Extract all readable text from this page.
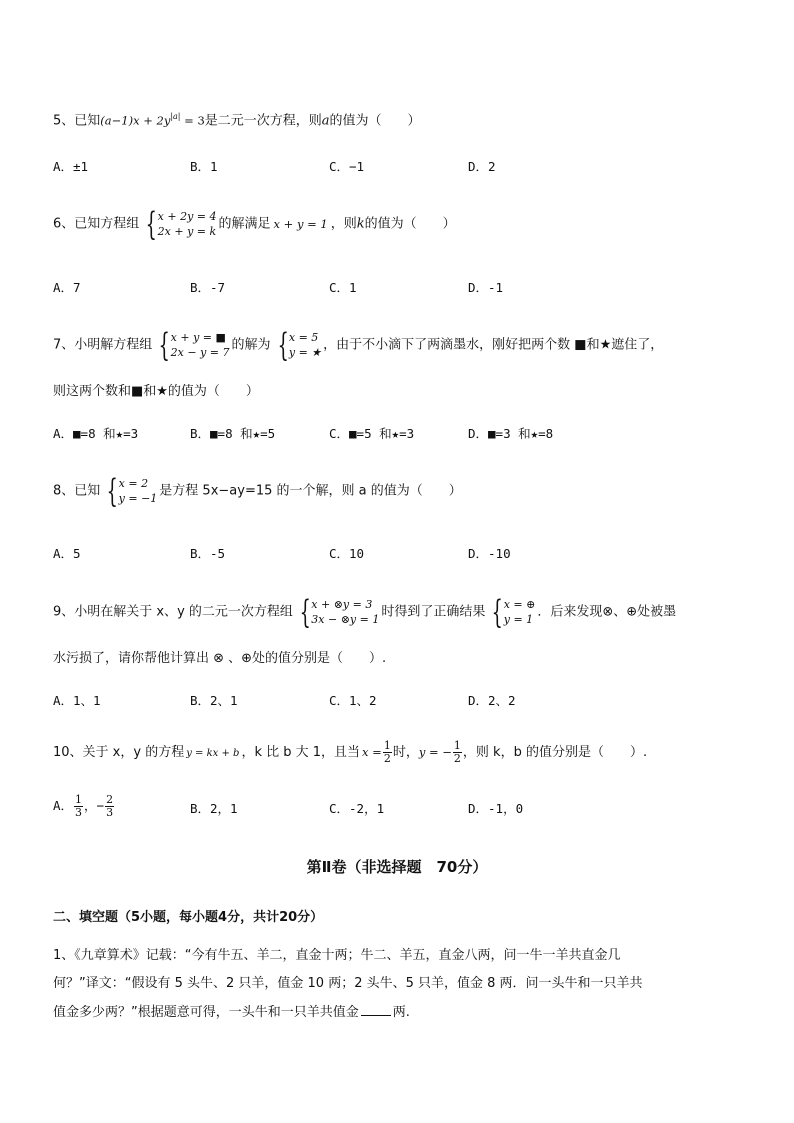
5、已知$(a-1)x + 2y^{|a|} = 3$是二元一次方程，则a的值为（　　）
A．±1	B．1	C．−1	D．2
6、已知方程组 { x + 2y = 4
2x + y = k 的解满足 x + y = 1 ，则k的值为（　　）
A．7	B．-7	C．1	D．-1
7、小明解方程组 { x + y = ■
2x − y = 7 的解为 { x = 5
y = ★ ，由于不小滴下了两滴墨水，刚好把两个数 ■和★遮住了，
则这两个数和■和★的值为（　　）
A．■=8 和★=3	B．■=8 和★=5	C．■=5 和★=3	D．■=3 和★=8
8、已知 { x = 2
y = −1 是方程 5x−ay=15 的一个解，则 a 的值为（　　）
A．5	B．-5	C．10	D．-10
9、小明在解关于 x、y 的二元一次方程组 { x + ⊗y = 3
3x − ⊗y = 1 时得到了正确结果 { x = ⊕
y = 1 ．后来发现⊗、⊕处被墨
水污损了，请你帮他计算出 ⊗ 、⊕处的值分别是（　　）.
A．1、1	B．2、1	C．1、2	D．2、2
10、关于 x，y 的方程 y = kx + b ，k 比 b 大 1，且当 $x = \frac{1}{2}$ 时，y = − $\frac{1}{2}$ ，则 k，b 的值分别是（　　）.
A． $\frac{1}{3}$ ，− $\frac{2}{3}$	B．2，1	C．-2，1	D．-1，0
第Ⅱ卷（非选择题　70分）
二、填空题（5小题，每小题4分，共计20分）
1、《九章算术》记载：“今有牛五、羊二，直金十两；牛二、羊五，直金八两，问一牛一羊共直金几
何？”译文：“假设有 5 头牛、2 只羊，值金 10 两；2 头牛、5 只羊，值金 8 两．问一头牛和一只羊共
值金多少两？”根据题意可得，一头牛和一只羊共值金	两.
